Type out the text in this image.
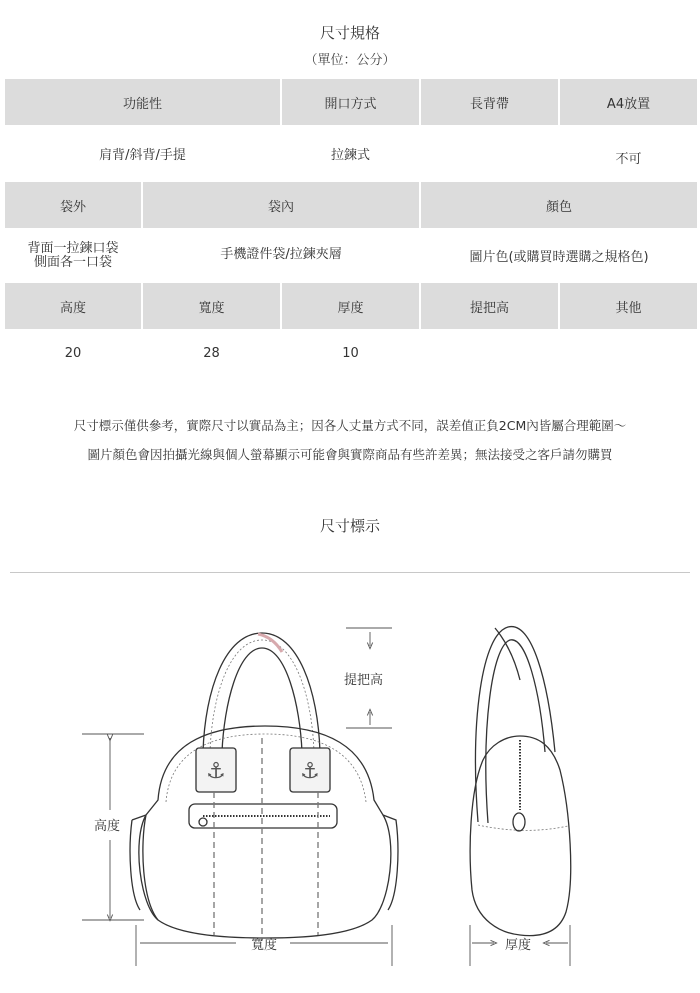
尺寸規格
（單位：公分）
功能性		開口方式	長背帶	A4放置
肩背/斜背/手提		拉鍊式		不可
袋外	袋內		顏色	
背面一拉鍊口袋
側面各一口袋	手機證件袋/拉鍊夾層		圖片色(或購買時選購之規格色)	
高度	寬度	厚度	提把高	其他
20	28	10		
尺寸標示僅供參考，實際尺寸以實品為主；因各人丈量方式不同，誤差值正負2CM內皆屬合理範圍～
圖片顏色會因拍攝光線與個人螢幕顯示可能會與實際商品有些許差異；無法接受之客戶請勿購買
尺寸標示
⚓	⚓
提把高
高度
寬度	厚度
